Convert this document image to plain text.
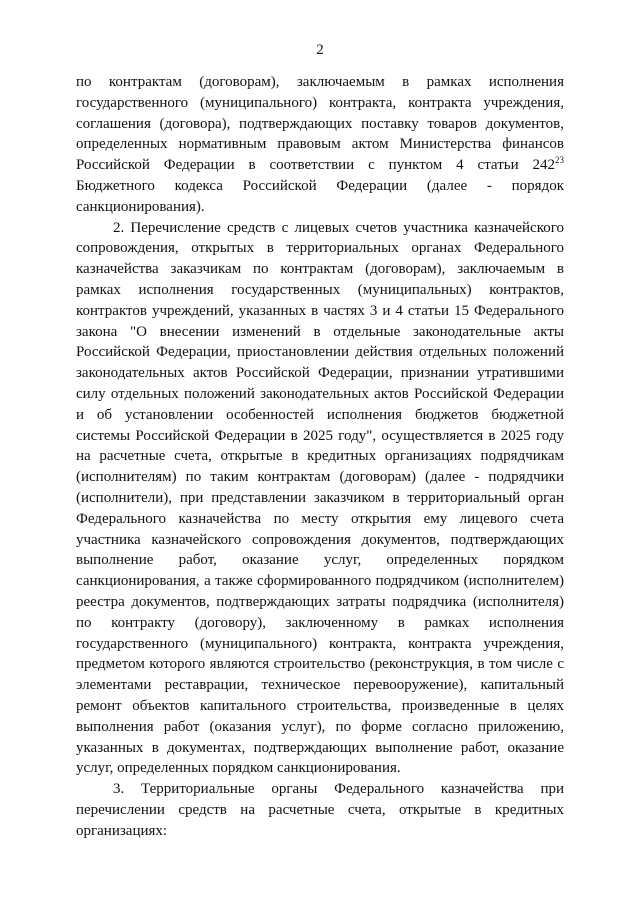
2

по контрактам (договорам), заключаемым в рамках исполнения государственного (муниципального) контракта, контракта учреждения, соглашения (договора), подтверждающих поставку товаров документов, определенных нормативным правовым актом Министерства финансов Российской Федерации в соответствии с пунктом 4 статьи $242^{23}$ Бюджетного кодекса Российской Федерации (далее - порядок санкционирования).

2. Перечисление средств с лицевых счетов участника казначейского сопровождения, открытых в территориальных органах Федерального казначейства заказчикам по контрактам (договорам), заключаемым в рамках исполнения государственных (муниципальных) контрактов, контрактов учреждений, указанных в частях 3 и 4 статьи 15 Федерального закона "О внесении изменений в отдельные законодательные акты Российской Федерации, приостановлении действия отдельных положений законодательных актов Российской Федерации, признании утратившими силу отдельных положений законодательных актов Российской Федерации и об установлении особенностей исполнения бюджетов бюджетной системы Российской Федерации в 2025 году", осуществляется в 2025 году на расчетные счета, открытые в кредитных организациях подрядчикам (исполнителям) по таким контрактам (договорам) (далее - подрядчики (исполнители), при представлении заказчиком в территориальный орган Федерального казначейства по месту открытия ему лицевого счета участника казначейского сопровождения документов, подтверждающих выполнение работ, оказание услуг, определенных порядком санкционирования, а также сформированного подрядчиком (исполнителем) реестра документов, подтверждающих затраты подрядчика (исполнителя) по контракту (договору), заключенному в рамках исполнения государственного (муниципального) контракта, контракта учреждения, предметом которого являются строительство (реконструкция, в том числе с элементами реставрации, техническое перевооружение), капитальный ремонт объектов капитального строительства, произведенные в целях выполнения работ (оказания услуг), по форме согласно приложению, указанных в документах, подтверждающих выполнение работ, оказание услуг, определенных порядком санкционирования.

3. Территориальные органы Федерального казначейства при перечислении средств на расчетные счета, открытые в кредитных организациях:
